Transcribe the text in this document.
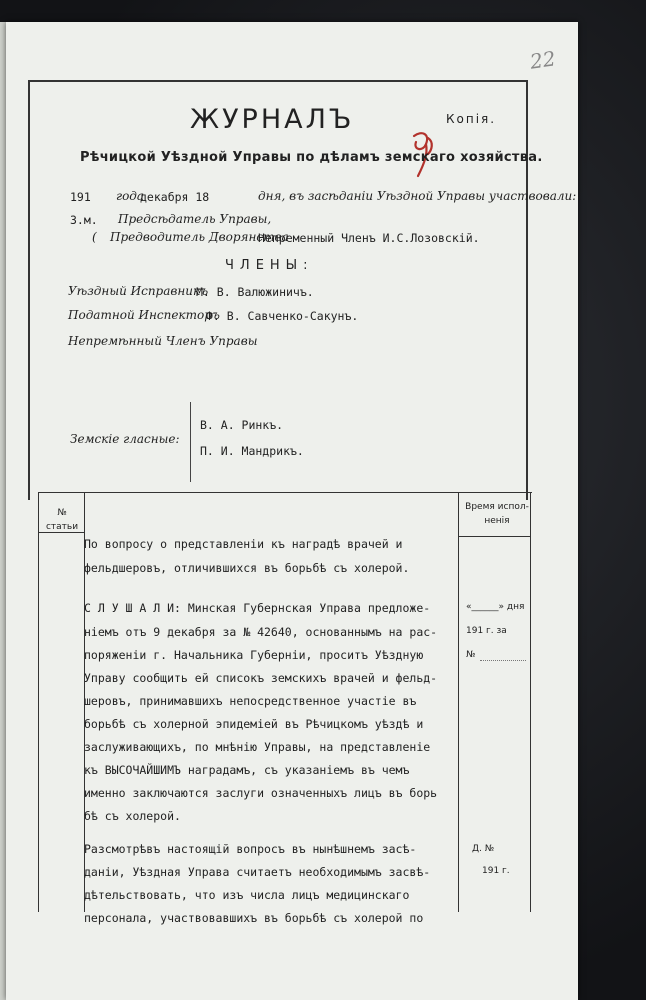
22
ЖУРНАЛЪ	Копія.
Рѣчицкой Уѣздной Управы по дѣламъ земскаго хозяйства.
191 года
декабря 18	дня, въ засѣданіи Уѣздной Управы участвовали:
З.м. Предсѣдатель Управы,
( Предводитель Дворянства
Непременный Членъ И.С.Лозовскій.
ЧЛЕНЫ:
Уѣздный Исправникъ
М. В. Валюжиничъ.
Податной Инспекторъ
Ф. В. Савченко-Сакунъ.
Непремѣнный Членъ Управы
Земскіе гласные:
В. А. Ринкъ.
П. И. Мандрикъ.
№
статьи
Время испол-
ненія
По вопросу о представленіи къ наградѣ врачей и
фельдшеровъ, отличившихся въ борьбѣ съ холерой.
С Л У Ш А Л И: Минская Губернская Управа предложе-
ніемъ отъ 9 декабря за № 42640, основаннымъ на рас-
поряженіи г. Начальника Губерніи, проситъ Уѣздную
Управу сообщить ей списокъ земскихъ врачей и фельд-
шеровъ, принимавшихъ непосредственное участіе въ
борьбѣ съ холерной эпидеміей въ Рѣчицкомъ уѣздѣ и
заслуживающихъ, по мнѣнію Управы, на представленіе
къ ВЫСОЧАЙШИМЪ наградамъ, съ указаніемъ въ чемъ
именно заключаются заслуги означенныхъ лицъ въ борь
бѣ съ холерой.
Разсмотрѣвъ настоящій вопросъ въ нынѣшнемъ засѣ-
даніи, Уѣздная Управа считаетъ необходимымъ засвѣ-
дѣтельствовать, что изъ числа лицъ медицинскаго
персонала, участвовавшихъ въ борьбѣ съ холерой по
«______» дня
191 г. за
№
Д. №
191 г.
